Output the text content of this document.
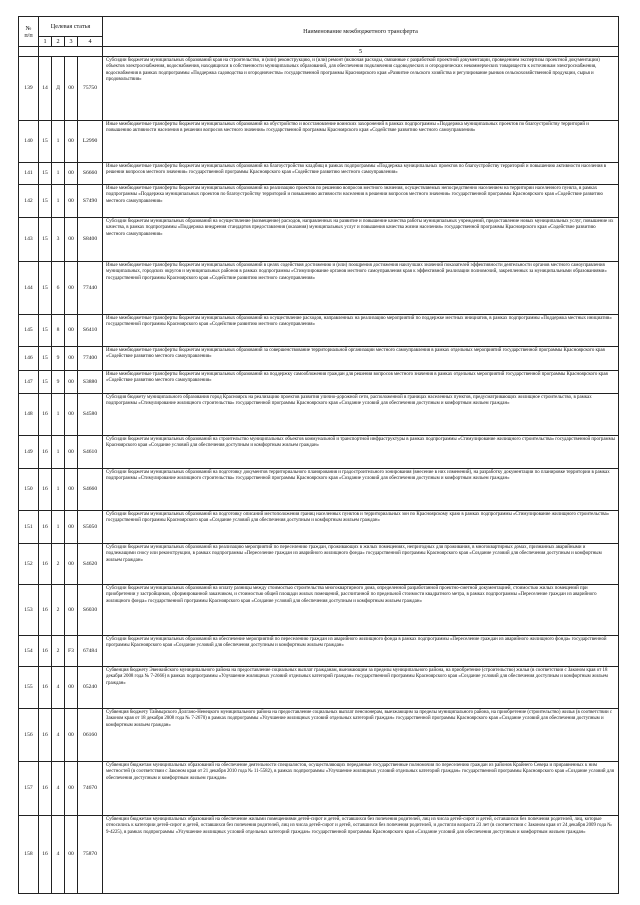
№
п/п	Целевая статья				Наименование межбюджетного трансферта
	1	2	3	4	
					5
139	14	Д	00	75750	Субсидии бюджетам муниципальных образований края на строительство, и (или) реконструкцию, и (или) ремонт (включая расходы, связанные с разработкой проектной документации, проведением экспертизы проектной документации) объектов электроснабжения, водоснабжения, находящихся в собственности муниципальных образований, для обеспечения подключения садоводческих и огороднических некоммерческих товариществ к источникам электроснабжения, водоснабжения в рамках подпрограммы «Поддержка садоводства и огородничества» государственной программы Красноярского края «Развитие сельского хозяйства и регулирование рынков сельскохозяйственной продукции, сырья и продовольствия»
140	15	1	00	L2990	Иные межбюджетные трансферты бюджетам муниципальных образований на обустройство и восстановление воинских захоронений в рамках подпрограммы «Поддержка муниципальных проектов по благоустройству территорий и повышению активности населения в решении вопросов местного значения» государственной программы Красноярского края «Содействие развитию местного самоуправления»
141	15	1	00	S6660	Иные межбюджетные трансферты бюджетам муниципальных образований на благоустройство кладбищ в рамках подпрограммы «Поддержка муниципальных проектов по благоустройству территорий и повышению активности населения в решении вопросов местного значения» государственной программы Красноярского края «Содействие развитию местного самоуправления»
142	15	1	00	S7490	Иные межбюджетные трансферты бюджетам муниципальных образований на реализацию проектов по решению вопросов местного значения, осуществляемых непосредственно населением на территории населенного пункта, в рамках подпрограммы «Поддержка муниципальных проектов по благоустройству территорий и повышению активности населения в решении вопросов местного значения» государственной программы Красноярского края «Содействие развитию местного самоуправления»
143	15	3	00	S8400	Субсидии бюджетам муниципальных образований на осуществление (возмещение) расходов, направленных на развитие и повышение качества работы муниципальных учреждений, предоставление новых муниципальных услуг, повышение их качества, в рамках подпрограммы «Поддержка внедрения стандартов предоставления (оказания) муниципальных услуг и повышения качества жизни населения» государственной программы Красноярского края «Содействие развитию местного самоуправления»
144	15	6	00	77440	Иные межбюджетные трансферты бюджетам муниципальных образований в целях содействия достижению и (или) поощрения достижения наилучших значений показателей эффективности деятельности органов местного самоуправления муниципальных, городских округов и муниципальных районов в рамках подпрограммы «Стимулирование органов местного самоуправления края к эффективной реализации полномочий, закрепленных за муниципальными образованиями» государственной программы Красноярского края «Содействие развитию местного самоуправления»
145	15	8	00	S6410	Иные межбюджетные трансферты бюджетам муниципальных образований на осуществление расходов, направленных на реализацию мероприятий по поддержке местных инициатив, в рамках подпрограммы «Поддержка местных инициатив» государственной программы Красноярского края «Содействие развитию местного самоуправления»
146	15	9	00	77400	Иные межбюджетные трансферты бюджетам муниципальных образований за совершенствование территориальной организации местного самоуправления в рамках отдельных мероприятий государственной программы Красноярского края «Содействие развитию местного самоуправления»
147	15	9	00	S3880	Иные межбюджетные трансферты бюджетам муниципальных образований на поддержку самообложения граждан для решения вопросов местного значения в рамках отдельных мероприятий государственной программы Красноярского края «Содействие развитию местного самоуправления»
148	16	1	00	S4580	Субсидия бюджету муниципального образования город Красноярск на реализацию проектов развития улично-дорожной сети, расположенной в границах населенных пунктов, предусматривающих жилищное строительство, в рамках подпрограммы «Стимулирование жилищного строительства» государственной программы Красноярского края «Создание условий для обеспечения доступным и комфортным жильем граждан»
149	16	1	00	S4610	Субсидии бюджетам муниципальных образований на строительство муниципальных объектов коммунальной и транспортной инфраструктуры в рамках подпрограммы «Стимулирование жилищного строительства» государственной программы Красноярского края «Создание условий для обеспечения доступным и комфортным жильем граждан»
150	16	1	00	S4660	Субсидии бюджетам муниципальных образований на подготовку документов территориального планирования и градостроительного зонирования (внесение в них изменений), на разработку документации по планировке территории в рамках подпрограммы «Стимулирование жилищного строительства» государственной программы Красноярского края «Создание условий для обеспечения доступным и комфортным жильем граждан»
151	16	1	00	S5050	Субсидии бюджетам муниципальных образований на подготовку описаний местоположения границ населенных пунктов и территориальных зон по Красноярскому краю в рамках подпрограммы «Стимулирование жилищного строительства» государственной программы Красноярского края «Создание условий для обеспечения доступным и комфортным жильем граждан»
152	16	2	00	S4620	Субсидии бюджетам муниципальных образований на реализацию мероприятий по переселению граждан, проживающих в жилых помещениях, непригодных для проживания, в многоквартирных домах, признанных аварийными и подлежащими сносу или реконструкции, в рамках подпрограммы «Переселение граждан из аварийного жилищного фонда» государственной программы Красноярского края «Создание условий для обеспечения доступным и комфортным жильем граждан»
153	16	2	00	S6030	Субсидии бюджетам муниципальных образований на оплату разницы между стоимостью строительства многоквартирного дома, определенной разработанной проектно-сметной документацией, стоимостью жилых помещений при приобретении у застройщиков, сформированной заказчиком, и стоимостью общей площади жилых помещений, рассчитанной по предельной стоимости квадратного метра, в рамках подпрограммы «Переселение граждан из аварийного жилищного фонда» государственной программы Красноярского края «Создание условий для обеспечения доступным и комфортным жильем граждан»
154	16	2	F3	67484	Субсидии бюджетам муниципальных образований на обеспечение мероприятий по переселению граждан из аварийного жилищного фонда в рамках подпрограммы «Переселение граждан из аварийного жилищного фонда» государственной программы Красноярского края «Создание условий для обеспечения доступным и комфортным жильем граждан»
155	16	4	00	05240	Субвенция бюджету Эвенкийского муниципального района на предоставление социальных выплат гражданам, выезжающим за пределы муниципального района, на приобретение (строительство) жилья (в соответствии с Законом края от 18 декабря 2008 года № 7-2666) в рамках подпрограммы «Улучшение жилищных условий отдельных категорий граждан» государственной программы Красноярского края «Создание условий для обеспечения доступным и комфортным жильем граждан»
156	16	4	00	06160	Субвенция бюджету Таймырского Долгано-Ненецкого муниципального района на предоставление социальных выплат пенсионерам, выезжающим за пределы муниципального района, на приобретение (строительство) жилья (в соответствии с Законом края от 18 декабря 2008 года № 7-2670) в рамках подпрограммы «Улучшение жилищных условий отдельных категорий граждан» государственной программы Красноярского края «Создание условий для обеспечения доступным и комфортным жильем граждан»
157	16	4	00	74670	Субвенции бюджетам муниципальных образований на обеспечение деятельности специалистов, осуществляющих переданные государственные полномочия по переселению граждан из районов Крайнего Севера и приравненных к ним местностей (в соответствии с Законом края от 21 декабря 2010 года № 11-5582), в рамках подпрограммы «Улучшение жилищных условий отдельных категорий граждан» государственной программы Красноярского края «Создание условий для обеспечения доступным и комфортным жильем граждан»
158	16	4	00	75870	Субвенции бюджетам муниципальных образований на обеспечение жилыми помещениями детей-сирот и детей, оставшихся без попечения родителей, лиц из числа детей-сирот и детей, оставшихся без попечения родителей, лиц, которые относились к категории детей-сирот и детей, оставшихся без попечения родителей, лиц из числа детей-сирот и детей, оставшихся без попечения родителей, и достигли возраста 23 лет (в соответствии с Законом края от 24 декабря 2009 года № 9-4225), в рамках подпрограммы «Улучшение жилищных условий отдельных категорий граждан» государственной программы Красноярского края «Создание условий для обеспечения доступным и комфортным жильем граждан»
